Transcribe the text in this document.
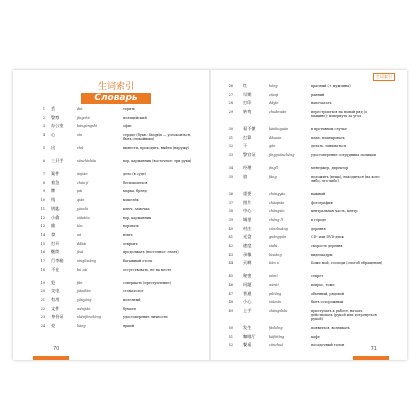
生词索引
Словарь
1 丢	diū	терять
2 警察	jǐngchá	полицейский
3 办公室	bàngōngshì	офис
4 心	xīn	сердце (букв.: fàngxīn — успокоиться, быть спокойным)
5 出	chū	вынести, проходить, выйти (наружу)
6 三只手	sānzhīshǒu	вор, карманник (восточное: три руки)
7 案件	ànjiàn	дело (в суде)
8 着急	zháo jí	беспокоиться
9 牌	pái	марка, бренд
10 钱	qián	кошелёк
11 钥匙	yàoshi	ключ, замочка
12 小偷	xiǎotōu	вор, карманник
13 偷	tōu	воровать
14 拿	ná	взять
15 打开	dǎkāi	открыть
16 继续	jìxù	продолжать (восточное: гнать)
17 行李箱	xínglixiāng	багажный отсек
18 不在	bù zài	отсутствовать, не на месте
19 犯	fàn	совершать (преступление)
20 交电	jiāodiàn	стоматолог
21 有用	yǒuyòng	полезный
22 文件	wénjiàn	бумаги
23 身份证	shēnfènzhèng	удостоверение личности
24 亮	liàng	яркий
70
生词索引
26 红	hóng	красный (+ мужчина)
27 早期	zǎoqī	ранний
28 打印	dǎyìn	напечатать
29 转弯	zhuǎnwān	перестроиться на новый ряд (о машине); повернуть за угол
30 看不惯	kànbuguàn	в противном случае
31 打算	dǎsuan	план, планировать
32 干	gàn	делать, заниматься
33 警官证	jǐngguānzhèng	удостоверение сотрудника полиции
34 经理	jīnglǐ	менеджер, директор
35 放	fàng	положить (вещь), находиться (на кого-либо, что-либо)
36 重要	zhòngyào	важный
37 照片	zhàopiàn	фотография
38 中心	zhōngxīn	центральная часть, центр
39 城里	chéng lǐ	в городе
40 村庄	cūnzhuāng	деревня
41 光盘	guāngpán	CD- или DVD-диск
42 速度	sùdù	скорость деревня
43 录像	lùxiàng	видеокадры
44 天啊	tiān a	Боже мой, господи (способ обращения)
45 秘密	mìmì	секрет
46 问题	wèntí	вопрос, тоже
47 普通	pǔtōng	обычный, рядовой
48 小心	xiǎoxīn	быть осторожным
49 上手	shàngshǒu	приступать к работе, начать действовать (рукой или дотронуться рукой)
50 发生	fāshēng	появиться, возникать
51 咖啡厅	kāfēitīng	кафе
52 餐桌	cānzhuō	посадочный талон
71
